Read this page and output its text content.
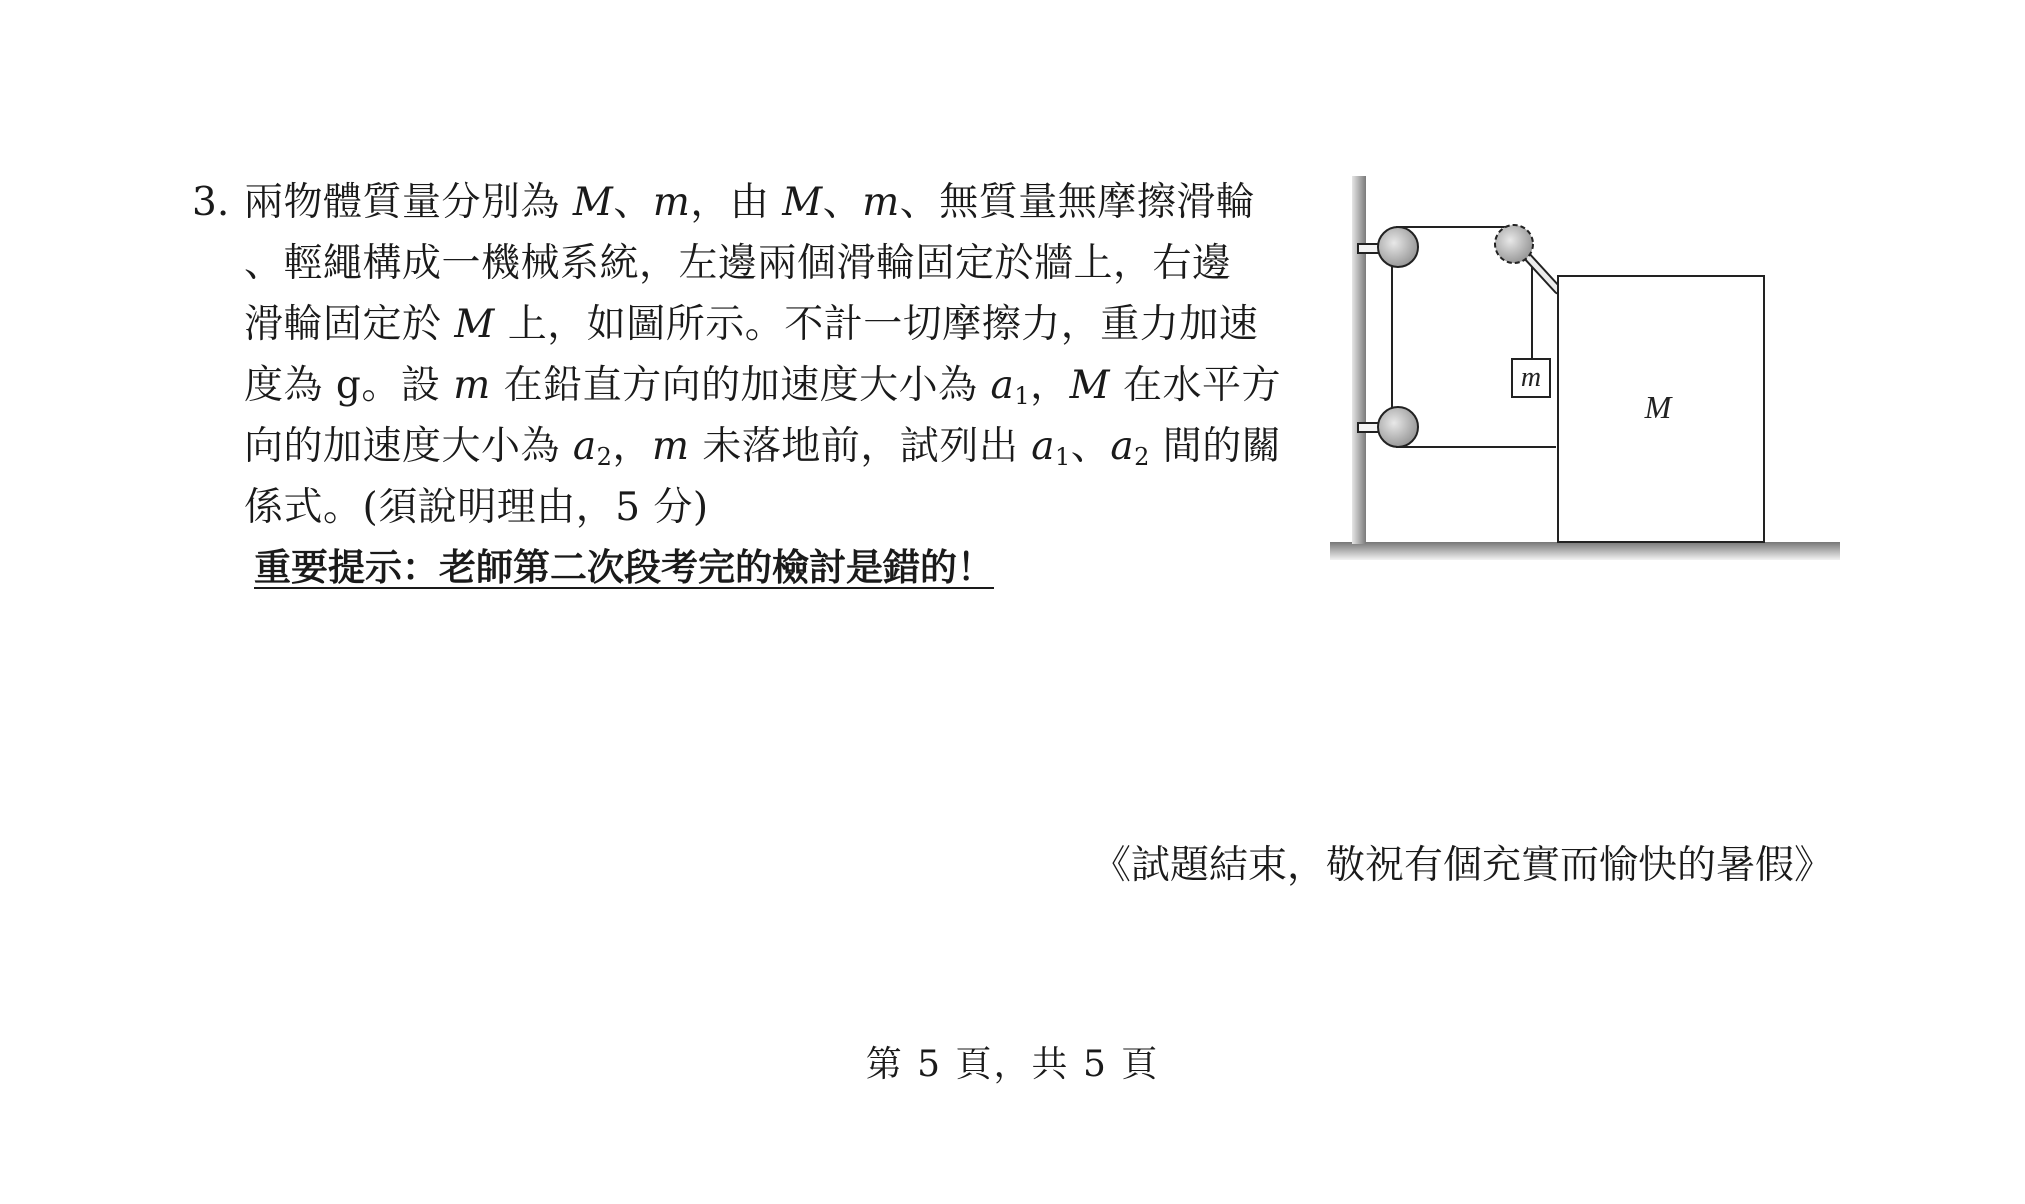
3. 兩物體質量分別為 M、m，由 M、m、無質量無摩擦滑輪
、輕繩構成一機械系統，左邊兩個滑輪固定於牆上，右邊
滑輪固定於 M 上，如圖所示。不計一切摩擦力，重力加速
度為 g。設 m 在鉛直方向的加速度大小為 $a_1$，M 在水平方
向的加速度大小為 $a_2$，m 未落地前，試列出 $a_1$、$a_2$ 間的關
係式。(須說明理由，5 分)
重要提示：老師第二次段考完的檢討是錯的！
m
M
《試題結束，敬祝有個充實而愉快的暑假》
第 5 頁，共 5 頁
